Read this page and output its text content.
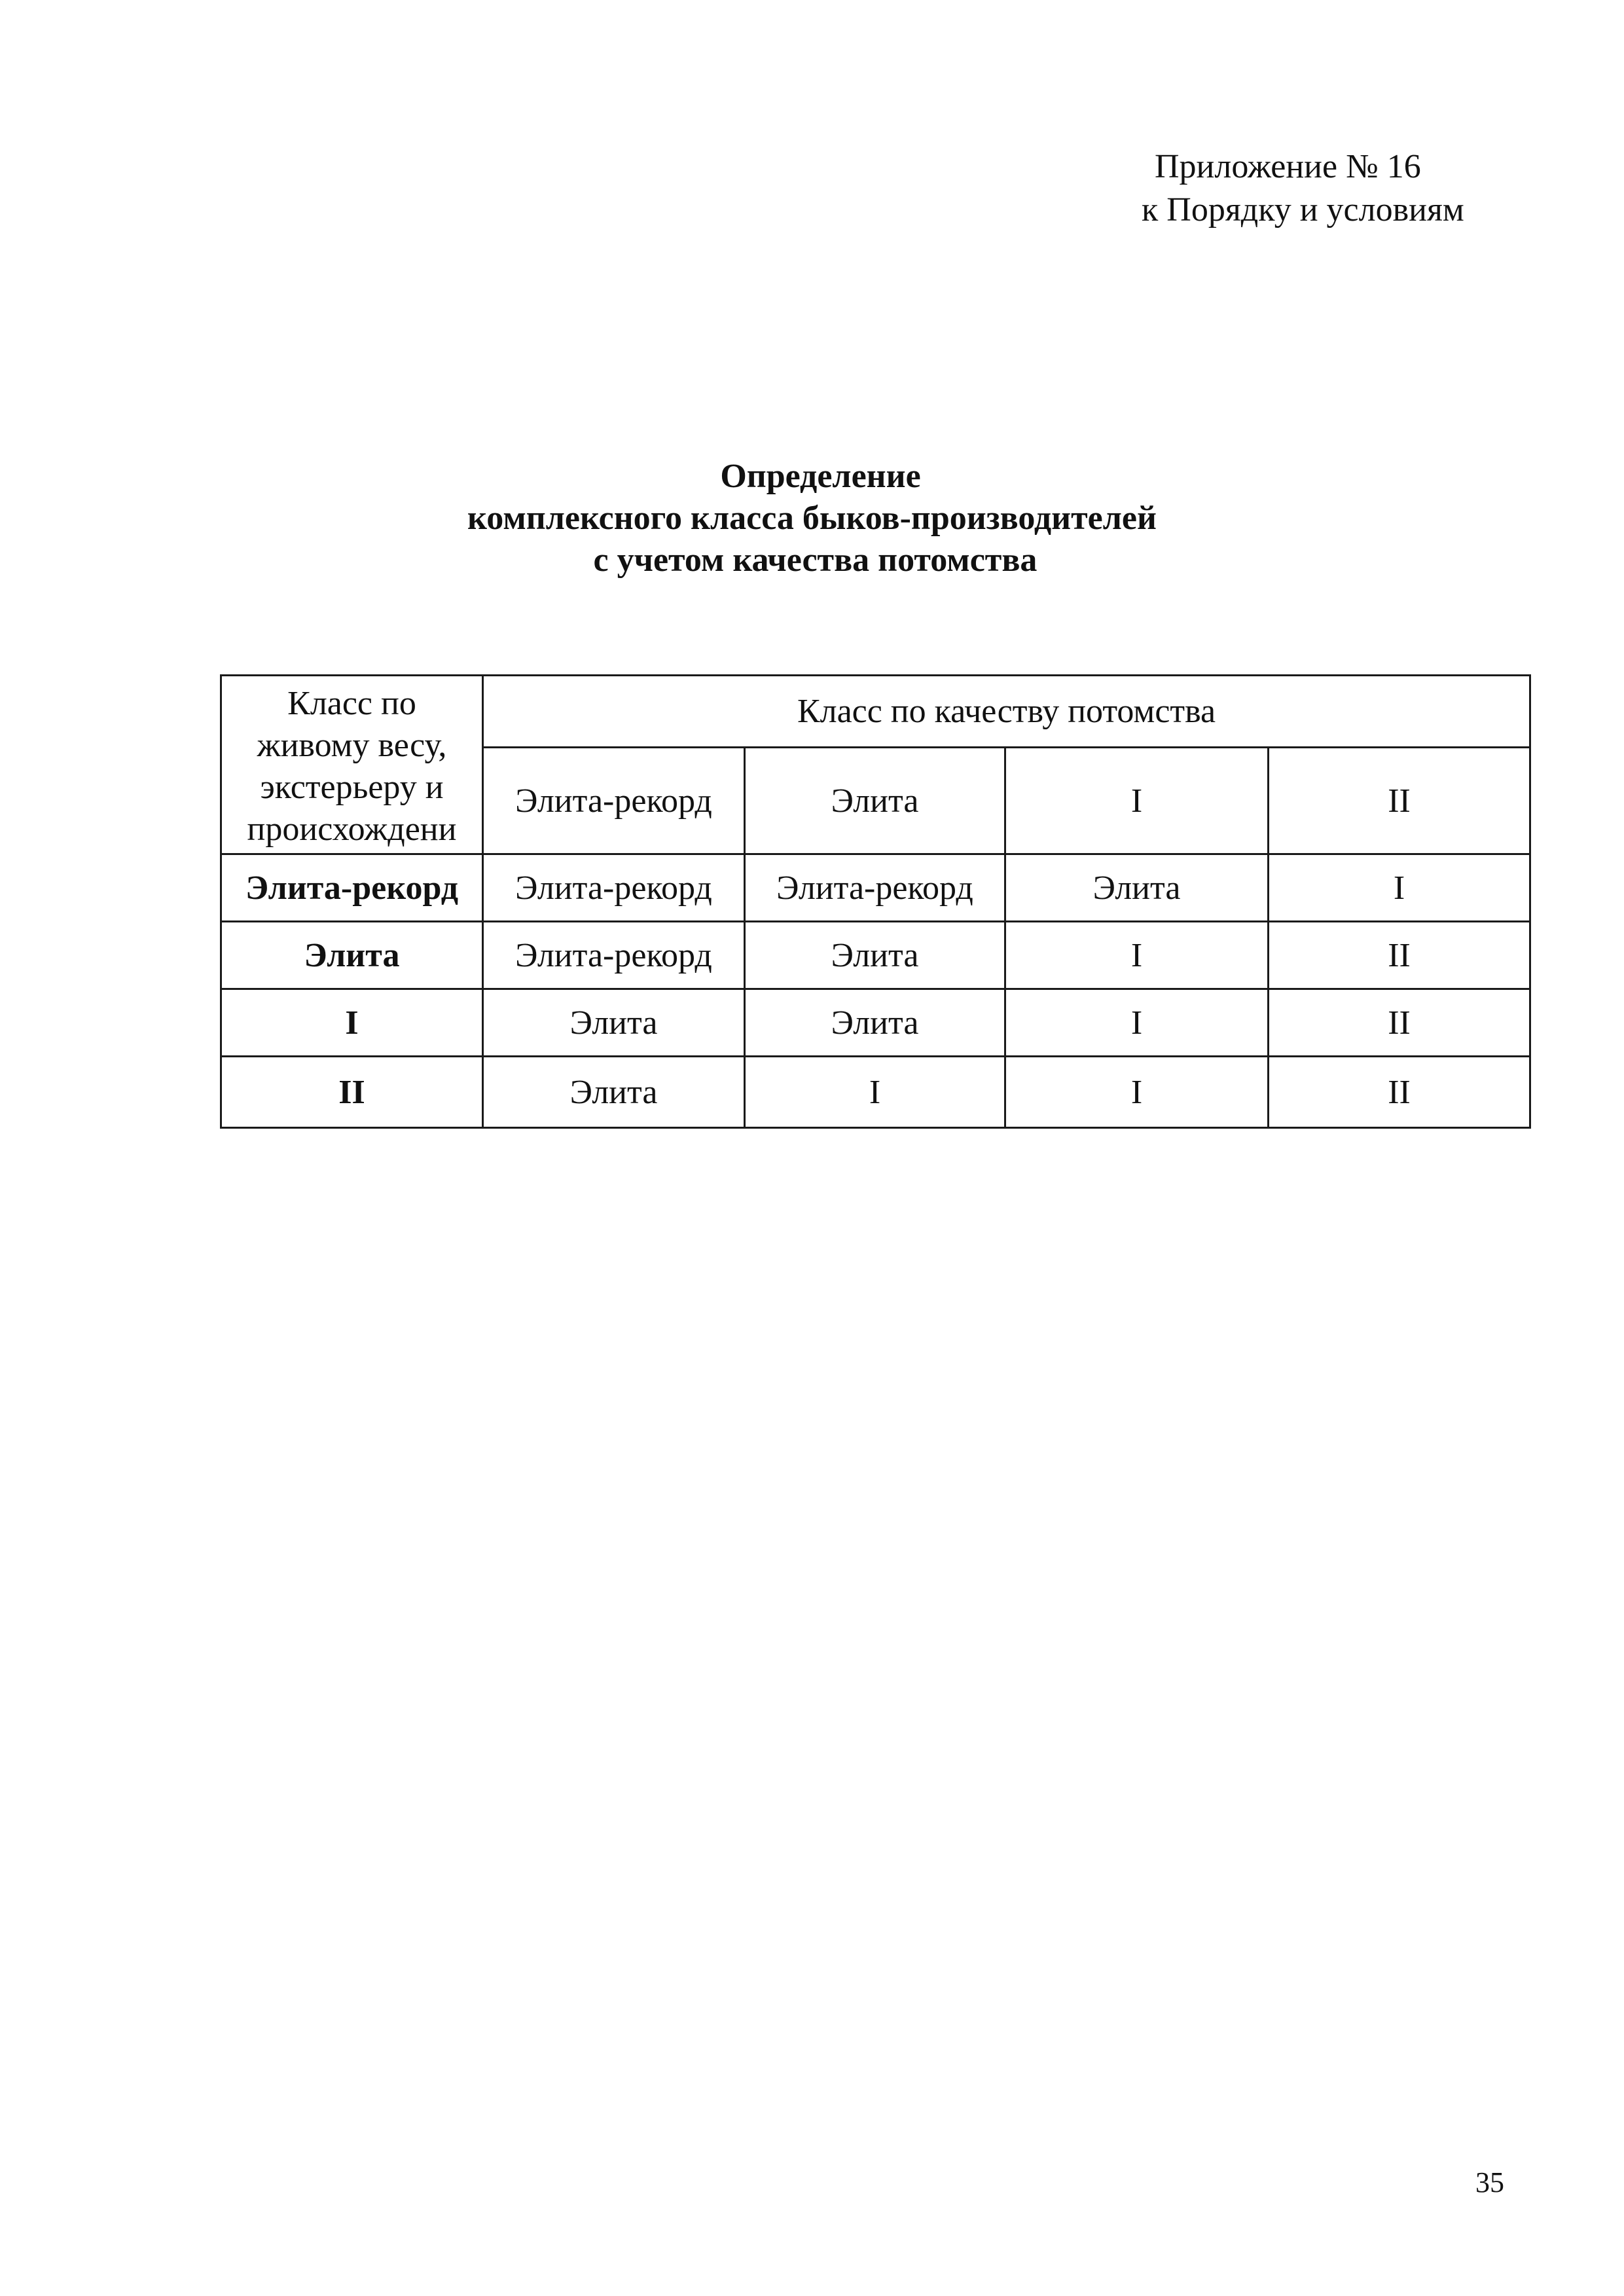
Приложение № 16
к Порядку и условиям
Определение
комплексного класса быков-производителей
с учетом качества потомства
Класс по
живому весу,
экстерьеру и
происхождени	Класс по качеству потомства			
	Элита-рекорд	Элита	I	II
Элита-рекорд	Элита-рекорд	Элита-рекорд	Элита	I
Элита	Элита-рекорд	Элита	I	II
I	Элита	Элита	I	II
II	Элита	I	I	II
35
